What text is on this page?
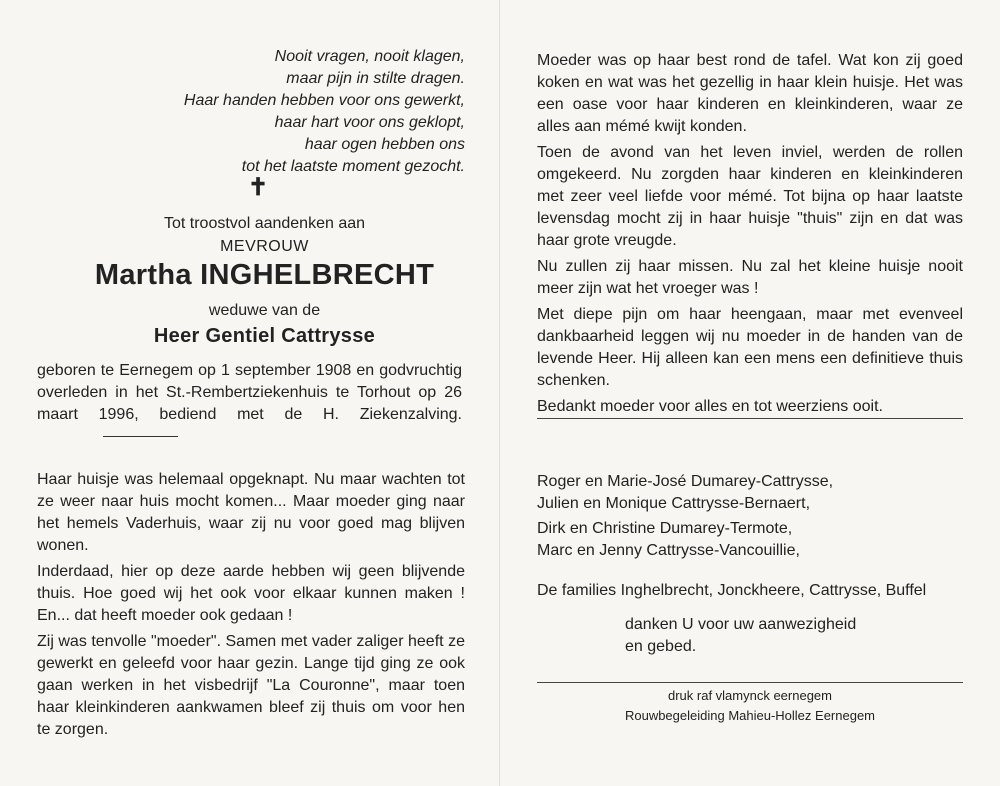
Nooit vragen, nooit klagen,
maar pijn in stilte dragen.
Haar handen hebben voor ons gewerkt,
haar hart voor ons geklopt,
haar ogen hebben ons
tot het laatste moment gezocht.
✝
Tot troostvol aandenken aan
MEVROUW
Martha INGHELBRECHT
weduwe van de
Heer Gentiel Cattrysse
geboren te Eernegem op 1 september 1908 en godvruchtig overleden in het St.-Rembertziekenhuis te Torhout op 26 maart 1996, bediend met de H. Ziekenzalving.

Haar huisje was helemaal opgeknapt. Nu maar wachten tot ze weer naar huis mocht komen... Maar moeder ging naar het hemels Vaderhuis, waar zij nu voor goed mag blijven wonen.

Inderdaad, hier op deze aarde hebben wij geen blijvende thuis. Hoe goed wij het ook voor elkaar kunnen maken ! En... dat heeft moeder ook gedaan !

Zij was tenvolle "moeder". Samen met vader zaliger heeft ze gewerkt en geleefd voor haar gezin. Lange tijd ging ze ook gaan werken in het visbedrijf "La Couronne", maar toen haar kleinkinderen aankwamen bleef zij thuis om voor hen te zorgen.

Moeder was op haar best rond de tafel. Wat kon zij goed koken en wat was het gezellig in haar klein huisje. Het was een oase voor haar kinderen en kleinkinderen, waar ze alles aan mémé kwijt konden.

Toen de avond van het leven inviel, werden de rollen omgekeerd. Nu zorgden haar kinderen en kleinkinderen met zeer veel liefde voor mémé. Tot bijna op haar laatste levensdag mocht zij in haar huisje "thuis" zijn en dat was haar grote vreugde.

Nu zullen zij haar missen. Nu zal het kleine huisje nooit meer zijn wat het vroeger was !

Met diepe pijn om haar heengaan, maar met evenveel dankbaarheid leggen wij nu moeder in de handen van de levende Heer. Hij alleen kan een mens een definitieve thuis schenken.

Bedankt moeder voor alles en tot weerziens ooit.

Roger en Marie-José Dumarey-Cattrysse,
Julien en Monique Cattrysse-Bernaert,
Dirk en Christine Dumarey-Termote,
Marc en Jenny Cattrysse-Vancouillie,
De families Inghelbrecht, Jonckheere, Cattrysse, Buffel
danken U voor uw aanwezigheid
en gebed.
druk raf vlamynck eernegem
Rouwbegeleiding Mahieu-Hollez Eernegem
